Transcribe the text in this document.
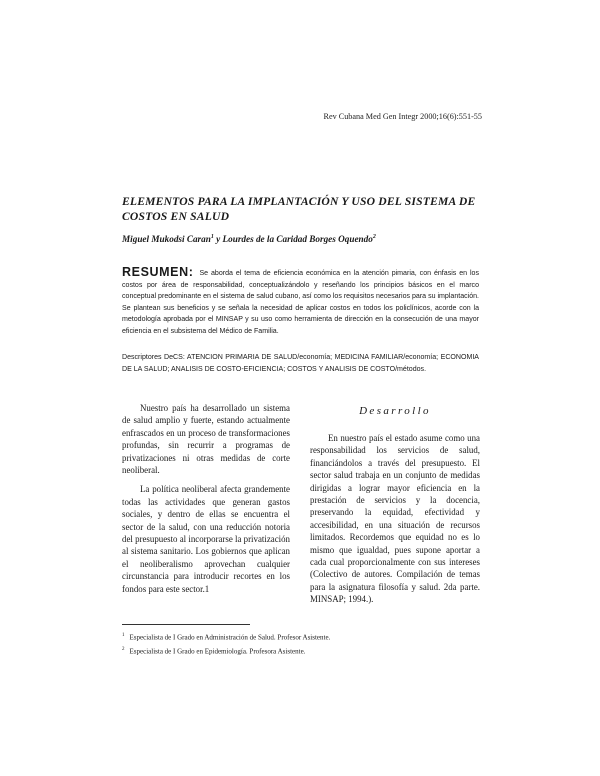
Rev Cubana Med Gen Integr 2000;16(6):551-55
ELEMENTOS PARA LA IMPLANTACIÓN Y USO DEL SISTEMA DE COSTOS EN SALUD
Miguel Mukodsi Caran$^1$ y Lourdes de la Caridad Borges Oquendo$^2$
RESUMEN: Se aborda el tema de eficiencia económica en la atención pimaria, con énfasis en los costos por área de responsabilidad, conceptualizándolo y reseñando los principios básicos en el marco conceptual predominante en el sistema de salud cubano, así como los requisitos necesarios para su implantación. Se plantean sus beneficios y se señala la necesidad de aplicar costos en todos los policlínicos, acorde con la metodología aprobada por el MINSAP y su uso como herramienta de dirección en la consecución de una mayor eficiencia en el subsistema del Médico de Familia.
Descriptores DeCS: ATENCION PRIMARIA DE SALUD/economía; MEDICINA FAMILIAR/economía; ECONOMIA DE LA SALUD; ANALISIS DE COSTO-EFICIENCIA; COSTOS Y ANALISIS DE COSTO/métodos.

Nuestro país ha desarrollado un sistema de salud amplio y fuerte, estando actualmente enfrascados en un proceso de transformaciones profundas, sin recurrir a programas de privatizaciones ni otras medidas de corte neoliberal.

La política neoliberal afecta grandemente todas las actividades que generan gastos sociales, y dentro de ellas se encuentra el sector de la salud, con una reducción notoria del presupuesto al incorporarse la privatización al sistema sanitario. Los gobiernos que aplican el neoliberalismo aprovechan cualquier circunstancia para introducir recortes en los fondos para este sector.1

Desarrollo

En nuestro país el estado asume como una responsabilidad los servicios de salud, financiándolos a través del presupuesto. El sector salud trabaja en un conjunto de medidas dirigidas a lograr mayor eficiencia en la prestación de servicios y la docencia, preservando la equidad, efectividad y accesibilidad, en una situación de recursos limitados. Recordemos que equidad no es lo mismo que igualdad, pues supone aportar a cada cual proporcionalmente con sus intereses (Colectivo de autores. Compilación de temas para la asignatura filosofía y salud. 2da parte. MINSAP; 1994.).

$^1$ Especialista de I Grado en Administración de Salud. Profesor Asistente.
$^2$ Especialista de I Grado en Epidemiología. Profesora Asistente.
